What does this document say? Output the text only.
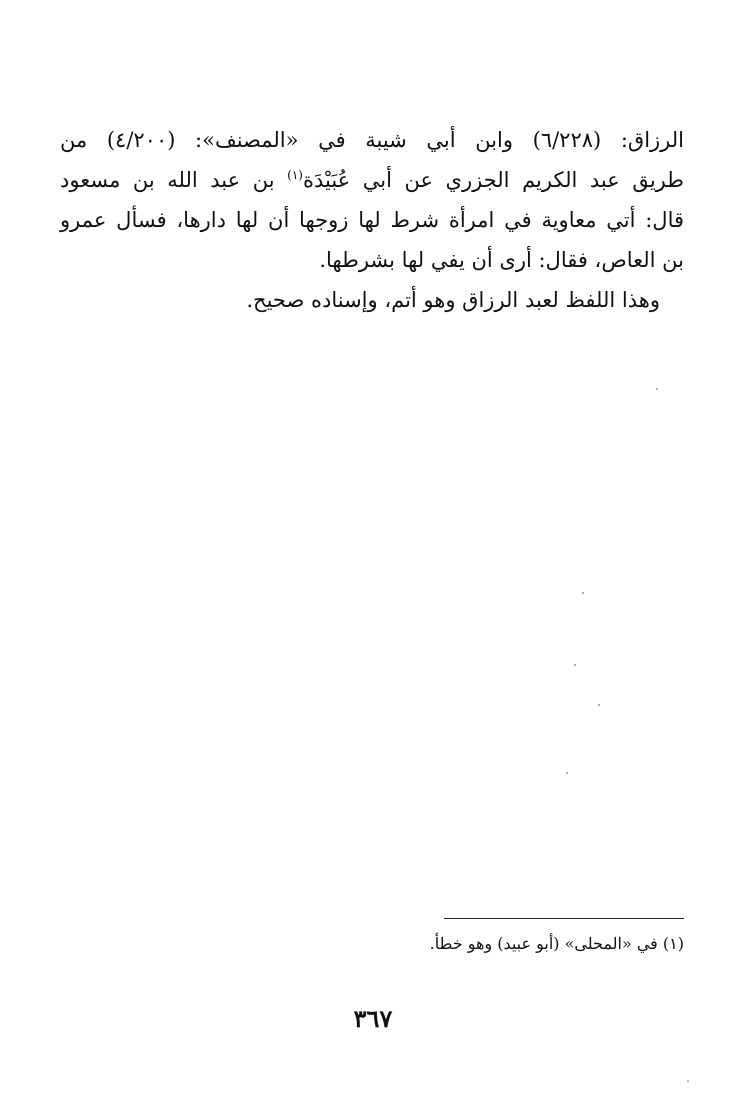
الرزاق: (٦/٢٢٨) وابن أبي شيبة في «المصنف»: (٤/٢٠٠) من
طريق عبد الكريم الجزري عن أبي عُبَيْدَة$^{(١)}$ بن عبد الله بن مسعود
قال: أتي معاوية في امرأة شرط لها زوجها أن لها دارها، فسأل عمرو
بن العاص، فقال: أرى أن يفي لها بشرطها.
وهذا اللفظ لعبد الرزاق وهو أتم، وإسناده صحيح.
(١) في «المحلى» (أبو عبيد) وهو خطأ.
٣٦٧
